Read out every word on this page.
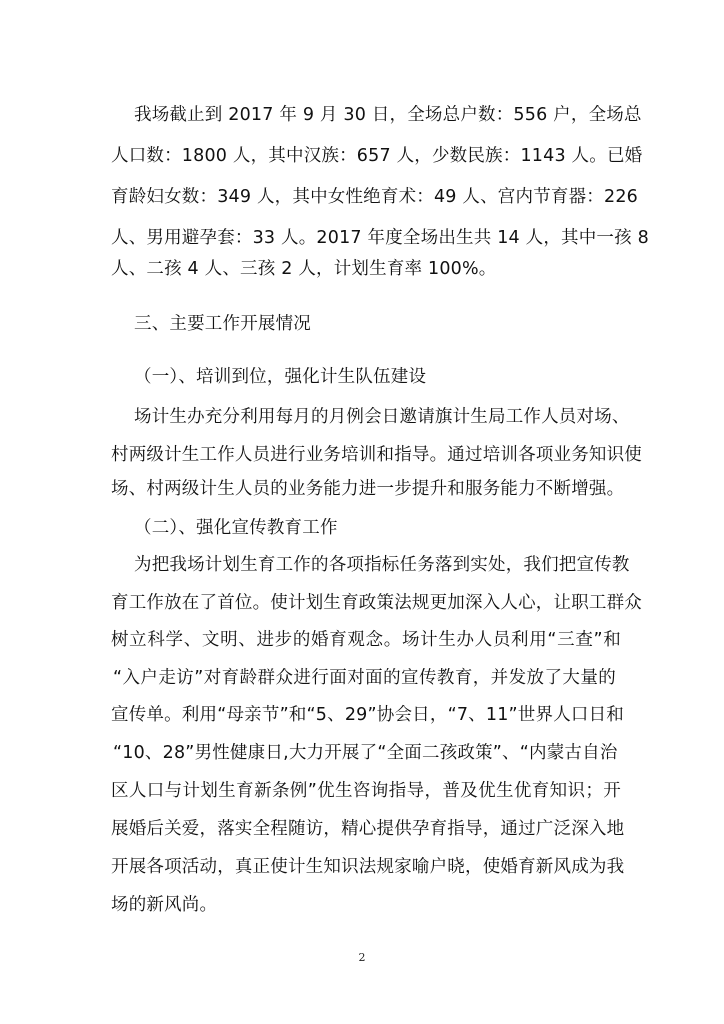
我场截止到 2017 年 9 月 30 日，全场总户数：556 户，全场总
人口数：1800 人，其中汉族：657 人，少数民族：1143 人。已婚
育龄妇女数：349 人，其中女性绝育术：49 人、宫内节育器：226
人、男用避孕套：33 人。2017 年度全场出生共 14 人，其中一孩 8
人、二孩 4 人、三孩 2 人，计划生育率 100%。
三、主要工作开展情况
（一）、培训到位，强化计生队伍建设
场计生办充分利用每月的月例会日邀请旗计生局工作人员对场、
村两级计生工作人员进行业务培训和指导。通过培训各项业务知识使
场、村两级计生人员的业务能力进一步提升和服务能力不断增强。
（二）、强化宣传教育工作
为把我场计划生育工作的各项指标任务落到实处，我们把宣传教
育工作放在了首位。使计划生育政策法规更加深入人心，让职工群众
树立科学、文明、进步的婚育观念。场计生办人员利用“三查”和
“入户走访”对育龄群众进行面对面的宣传教育，并发放了大量的
宣传单。利用“母亲节”和“5、29”协会日，“7、11”世界人口日和
“10、28”男性健康日,大力开展了“全面二孩政策”、“内蒙古自治
区人口与计划生育新条例”优生咨询指导，普及优生优育知识；开
展婚后关爱，落实全程随访，精心提供孕育指导，通过广泛深入地
开展各项活动，真正使计生知识法规家喻户晓，使婚育新风成为我
场的新风尚。
2
